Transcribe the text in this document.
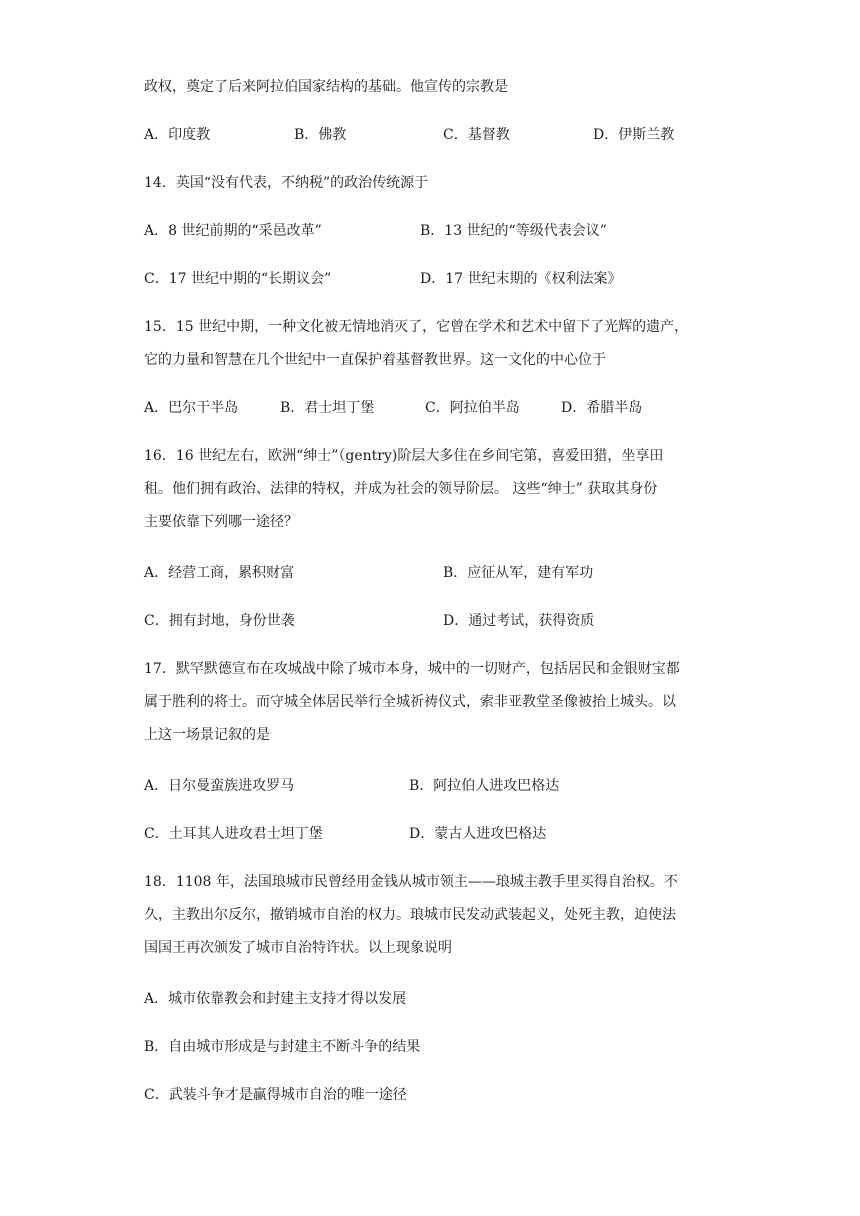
政权，奠定了后来阿拉伯国家结构的基础。他宣传的宗教是
A．印度教	B．佛教	C．基督教	D．伊斯兰教
14．英国“没有代表，不纳税”的政治传统源于
A．8 世纪前期的“采邑改革”	B．13 世纪的“等级代表会议”
C．17 世纪中期的“长期议会”	D．17 世纪末期的《权利法案》
15．15 世纪中期，一种文化被无情地消灭了，它曾在学术和艺术中留下了光辉的遗产，
它的力量和智慧在几个世纪中一直保护着基督教世界。这一文化的中心位于
A．巴尔干半岛	B．君士坦丁堡	C．阿拉伯半岛	D．希腊半岛
16．16 世纪左右，欧洲“绅士”（gentry)阶层大多住在乡间宅第，喜爱田猎，坐享田
租。他们拥有政治、法律的特权，并成为社会的领导阶层。 这些“绅士” 获取其身份
主要依靠下列哪一途径？
A．经营工商，累积财富	B．应征从军，建有军功
C．拥有封地，身份世袭	D．通过考试，获得资质
17．默罕默德宣布在攻城战中除了城市本身，城中的一切财产，包括居民和金银财宝都
属于胜利的将士。而守城全体居民举行全城祈祷仪式，索非亚教堂圣像被抬上城头。以
上这一场景记叙的是
A．日尔曼蛮族进攻罗马	B．阿拉伯人进攻巴格达
C．土耳其人进攻君士坦丁堡	D．蒙古人进攻巴格达
18．1108 年，法国琅城市民曾经用金钱从城市领主——琅城主教手里买得自治权。不
久，主教出尔反尔，撤销城市自治的权力。琅城市民发动武装起义，处死主教，迫使法
国国王再次颁发了城市自治特许状。以上现象说明
A．城市依靠教会和封建主支持才得以发展
B．自由城市形成是与封建主不断斗争的结果
C．武装斗争才是赢得城市自治的唯一途径
